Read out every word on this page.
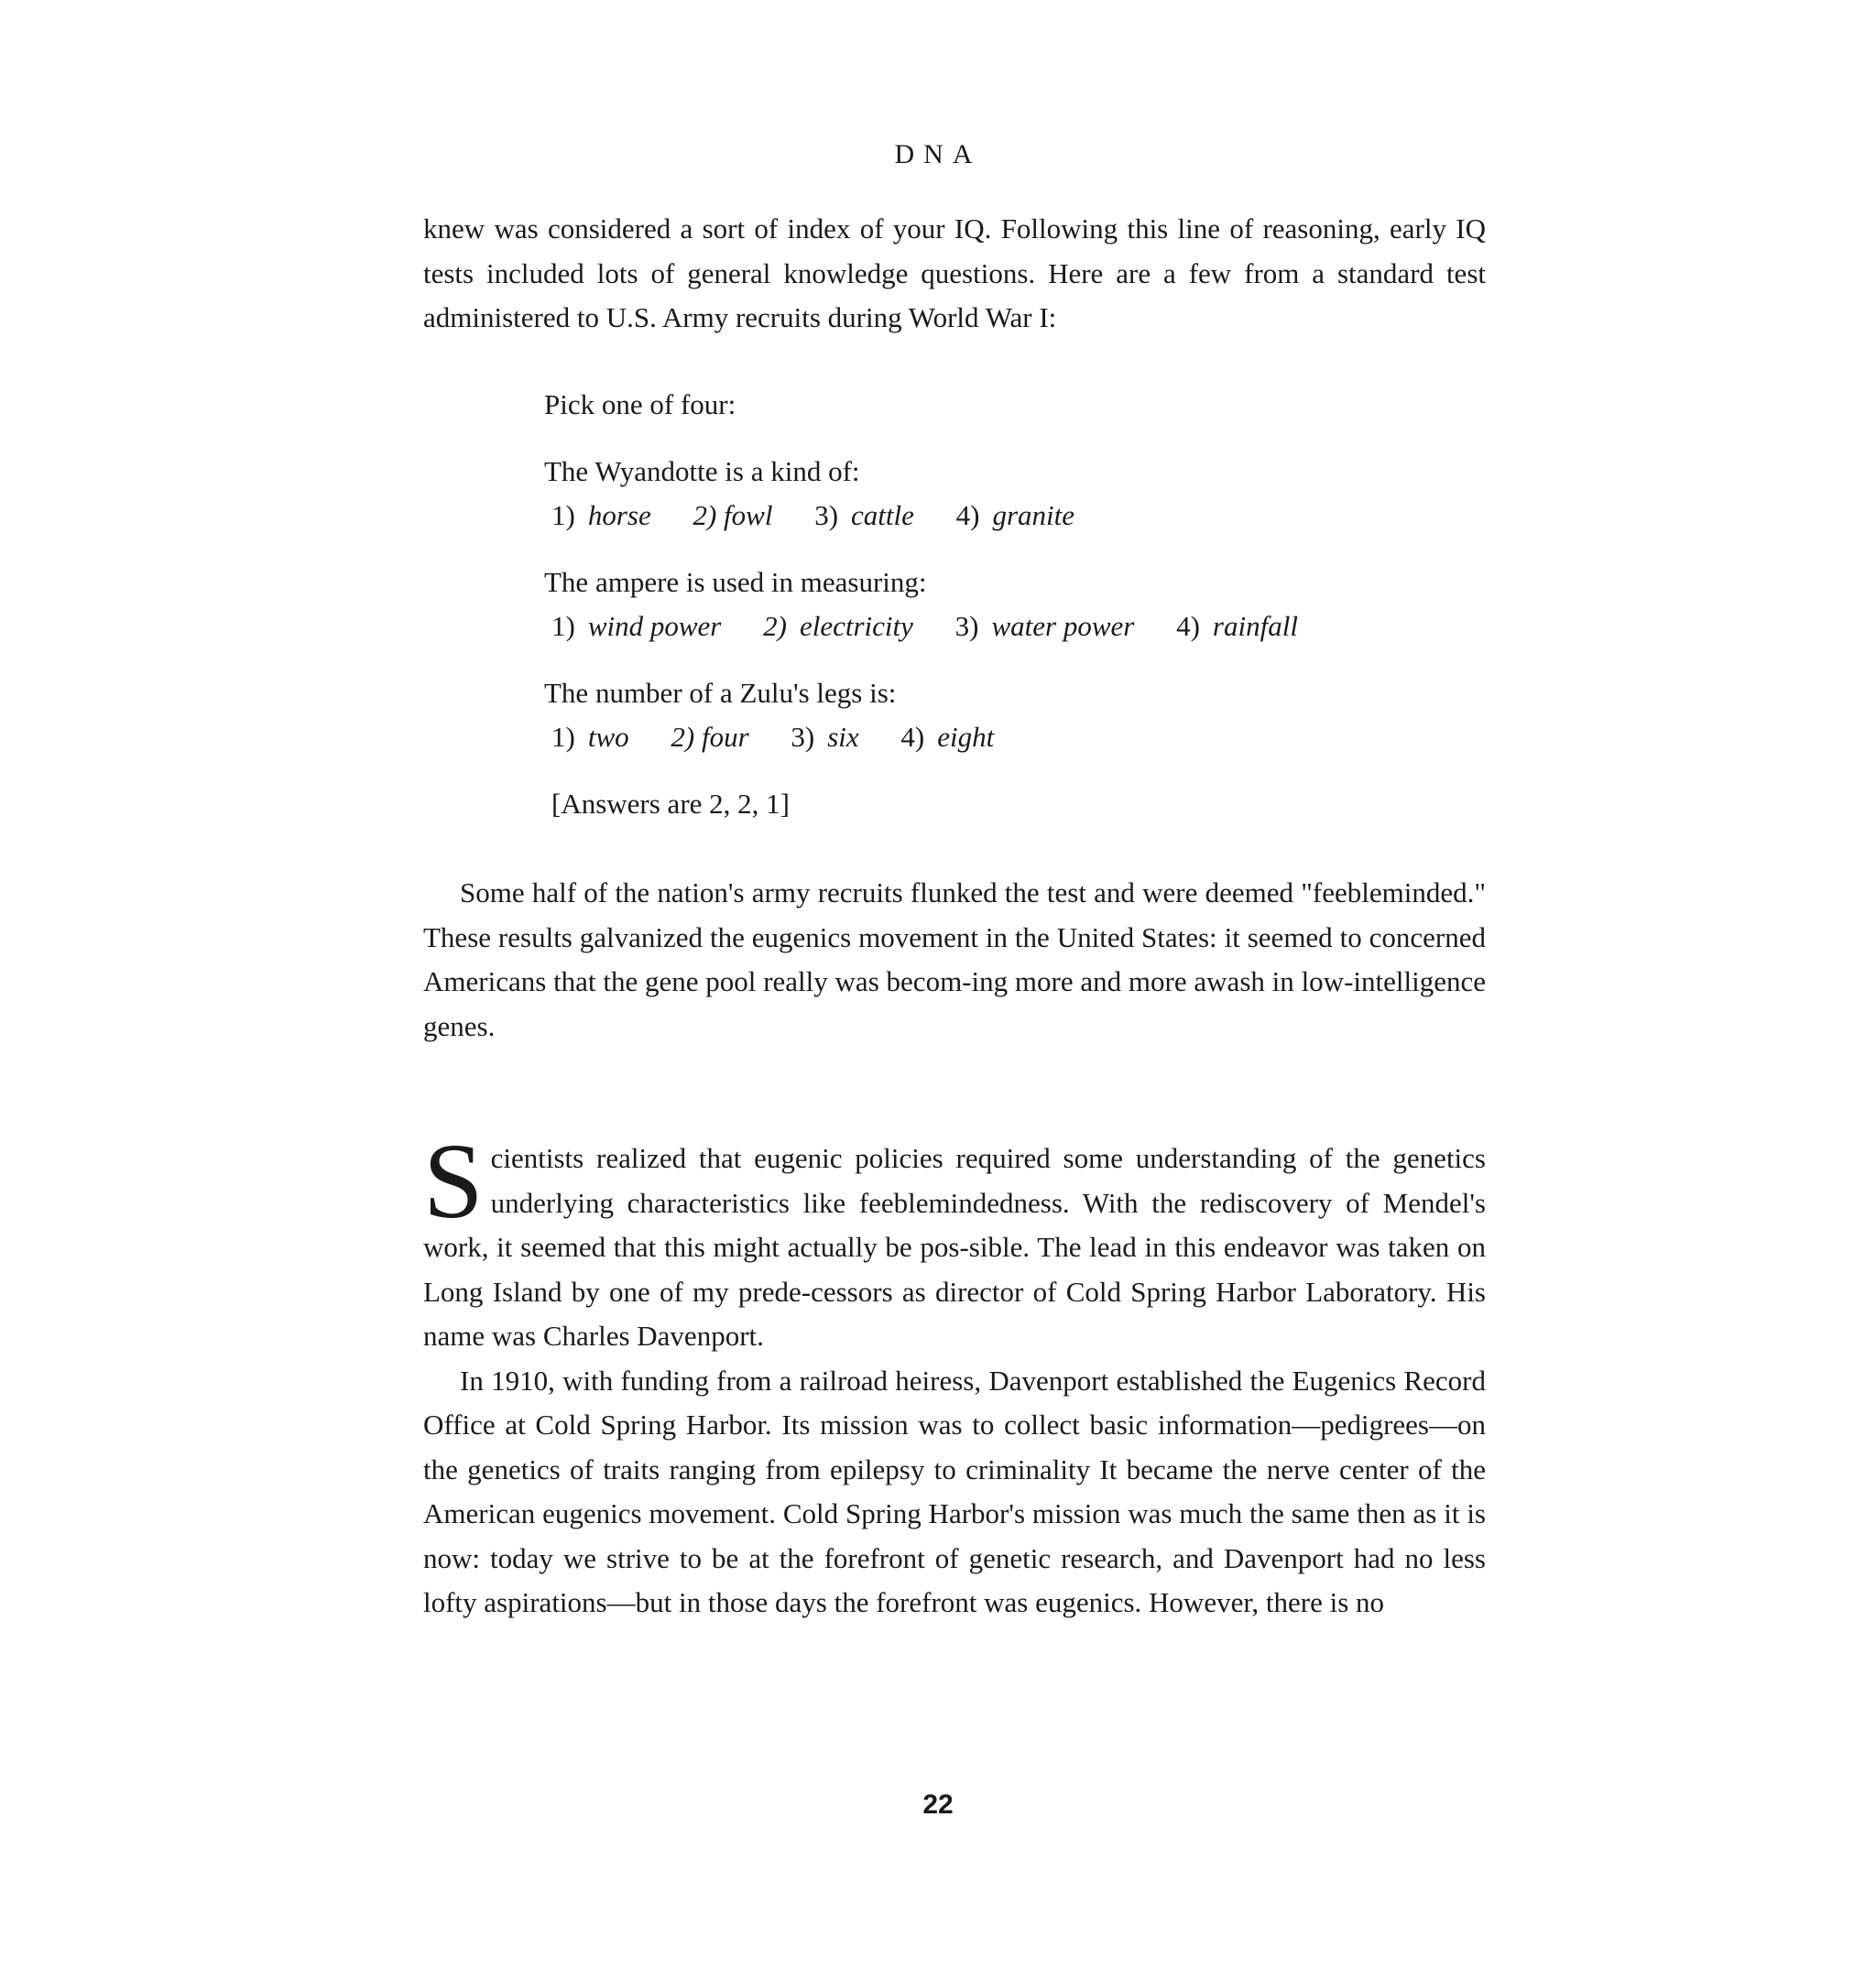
DNA

knew was considered a sort of index of your IQ. Following this line of reasoning, early IQ tests included lots of general knowledge questions. Here are a few from a standard test administered to U.S. Army recruits during World War I:

Pick one of four:
The Wyandotte is a kind of:
1) horse 2) fowl 3) cattle 4) granite
The ampere is used in measuring:
1) wind power 2) electricity 3) water power 4) rainfall
The number of a Zulu's legs is:
1) two 2) four 3) six 4) eight
[Answers are 2, 2, 1]

Some half of the nation's army recruits flunked the test and were deemed "feebleminded." These results galvanized the eugenics movement in the United States: it seemed to concerned Americans that the gene pool really was becom-ing more and more awash in low-intelligence genes.

Scientists realized that eugenic policies required some understanding of the genetics underlying characteristics like feeblemindedness. With the rediscovery of Mendel's work, it seemed that this might actually be pos-sible. The lead in this endeavor was taken on Long Island by one of my prede-cessors as director of Cold Spring Harbor Laboratory. His name was Charles Davenport.

In 1910, with funding from a railroad heiress, Davenport established the Eugenics Record Office at Cold Spring Harbor. Its mission was to collect basic information—pedigrees—on the genetics of traits ranging from epilepsy to criminality It became the nerve center of the American eugenics movement. Cold Spring Harbor's mission was much the same then as it is now: today we strive to be at the forefront of genetic research, and Davenport had no less lofty aspirations—but in those days the forefront was eugenics. However, there is no

22
